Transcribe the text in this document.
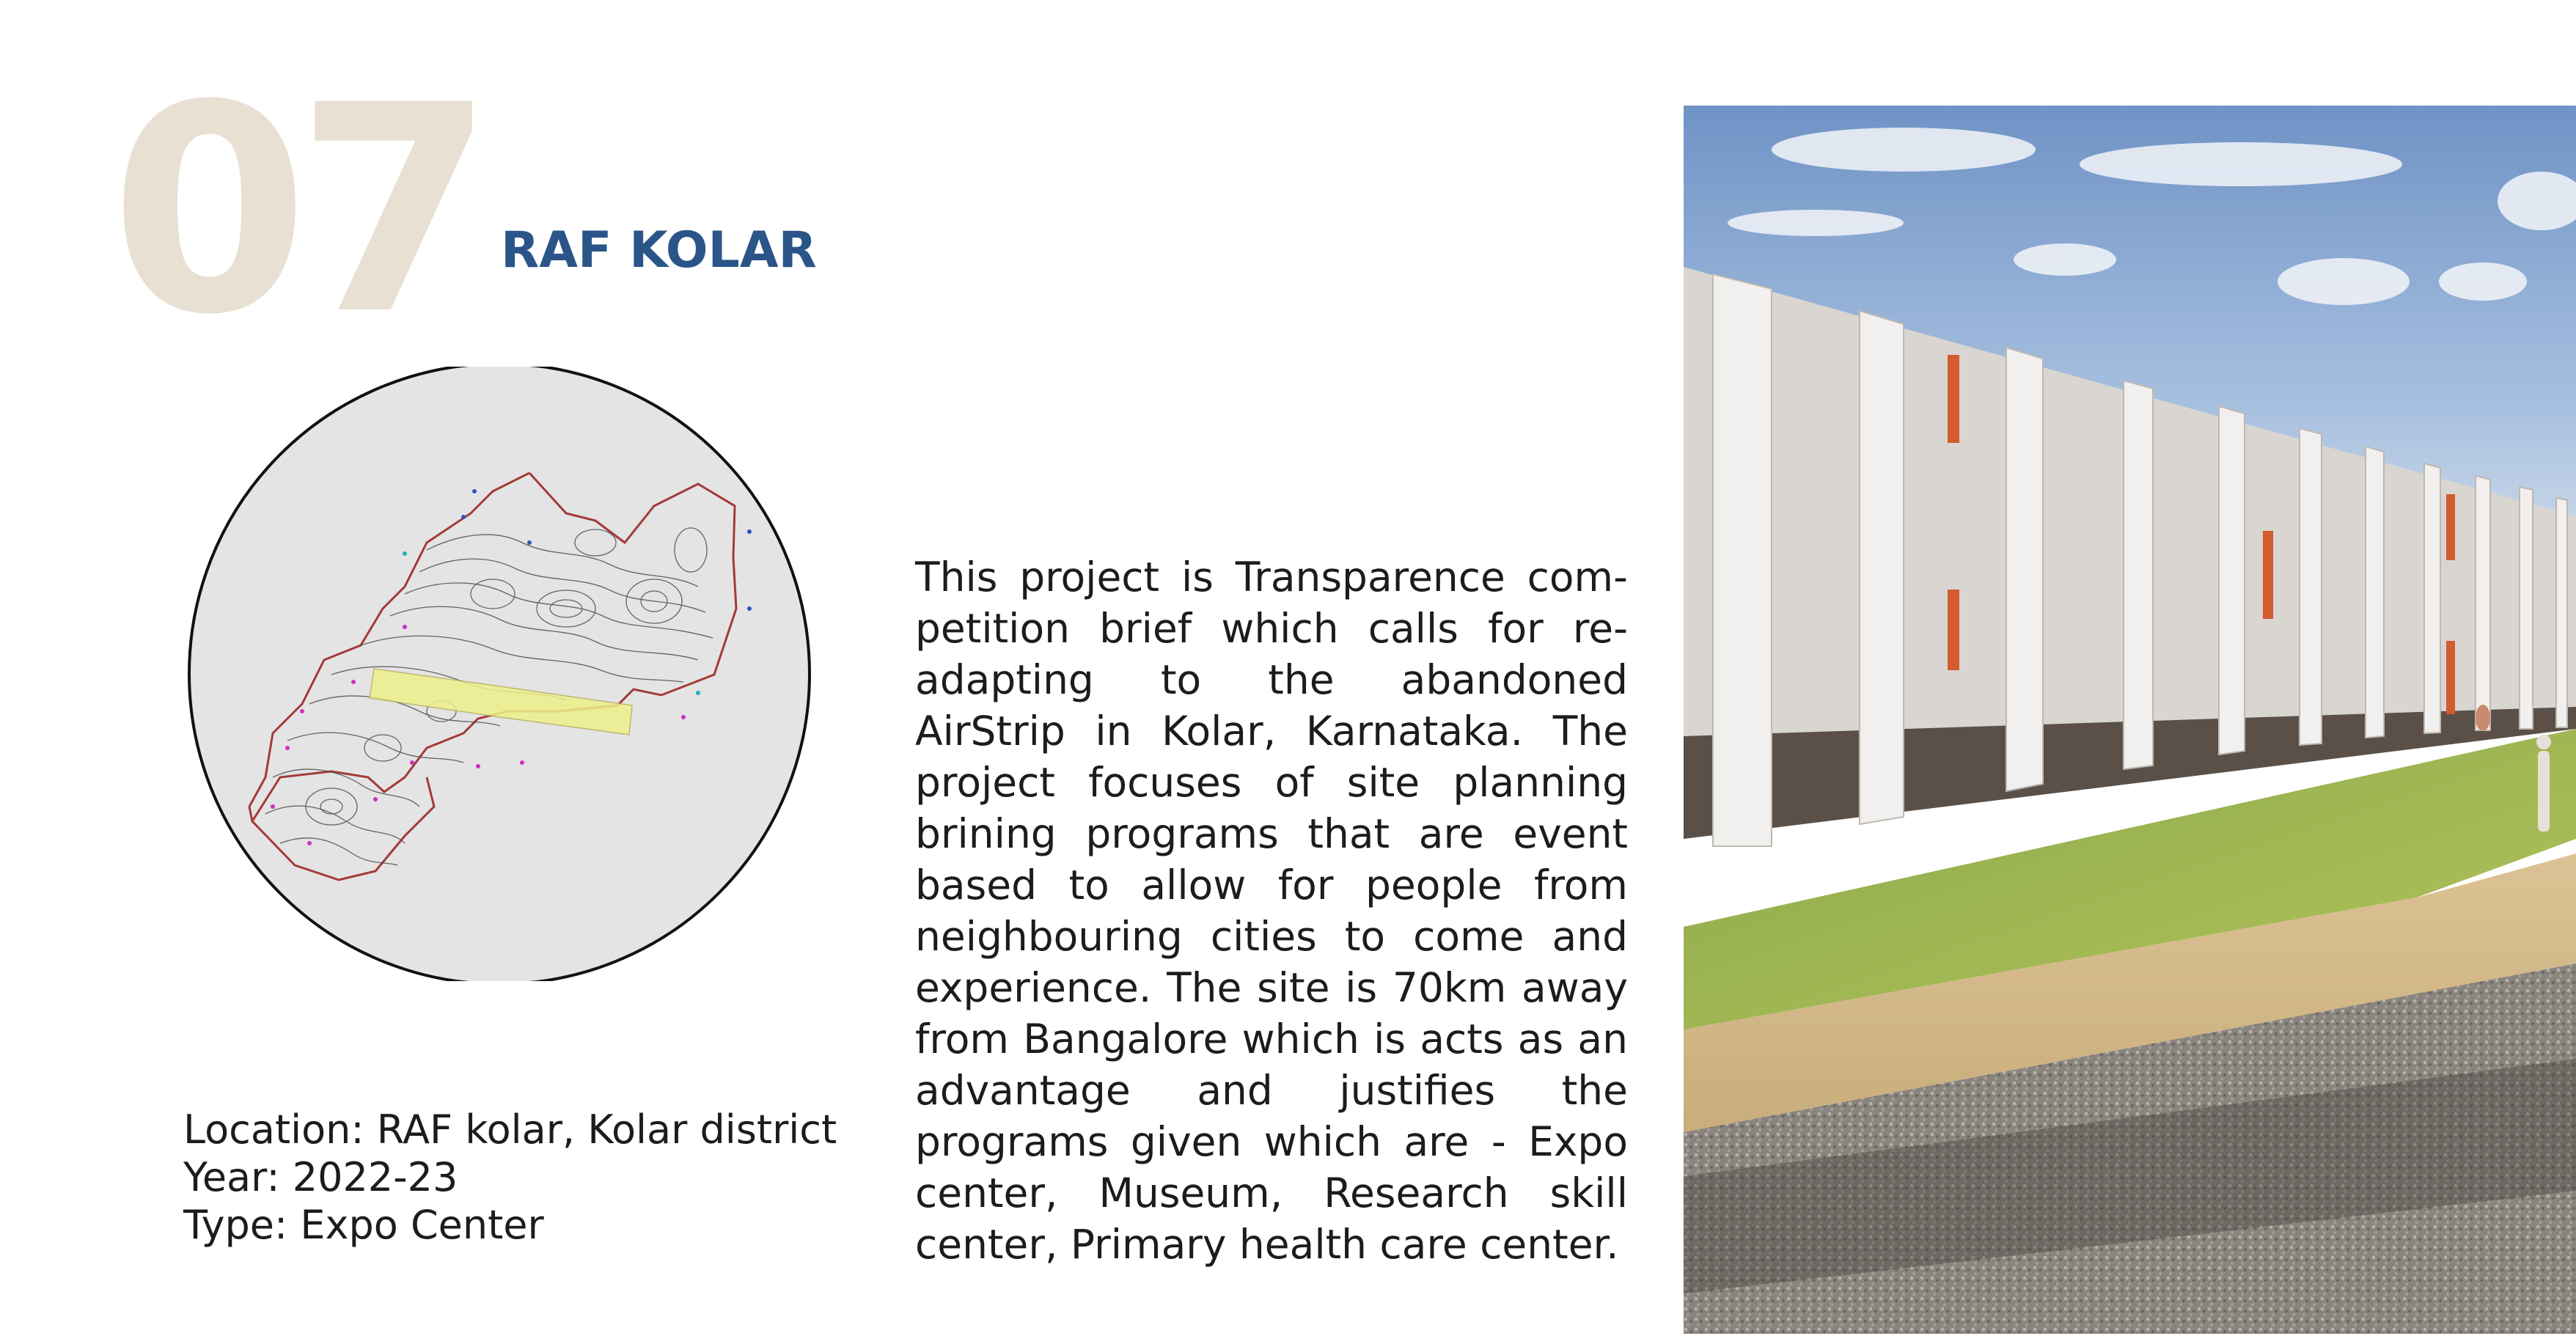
07 RAF KOLAR
Location: RAF kolar, Kolar district
Year: 2022-23
Type: Expo Center

This project is Transparence competition brief which calls for re-adapting to the abandoned AirStrip in Kolar, Karnataka. The project focuses of site planning brining programs that are event based to allow for people from neighbouring cities to come and experience. The site is 70km away from Bangalore which is acts as an advantage and justifies the programs given which are - Expo center, Museum, Research skill center, Primary health care center.
